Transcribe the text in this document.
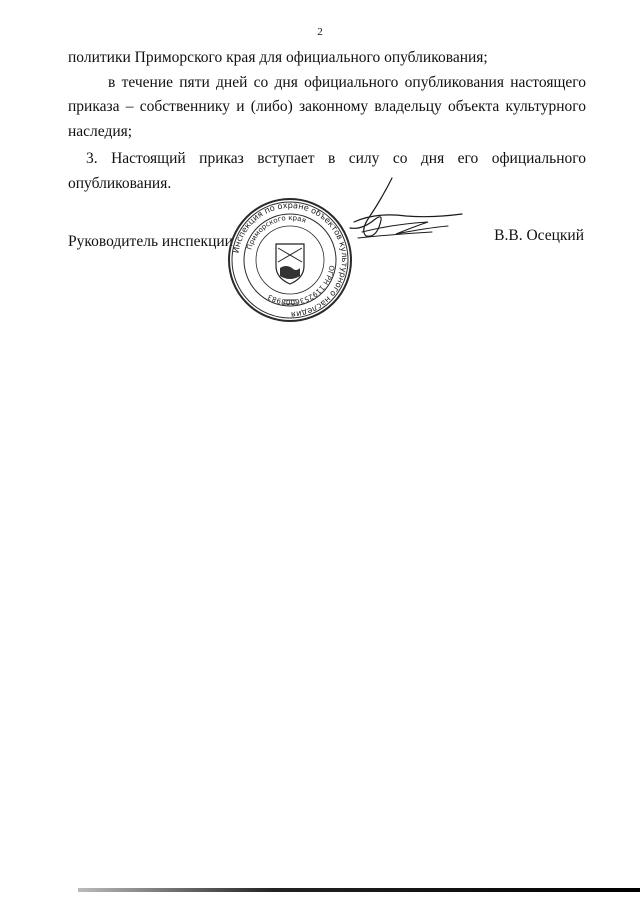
2

политики Приморского края для официального опубликования;

в течение пяти дней со дня официального опубликования настоящего

приказа – собственнику и (либо) законному владельцу объекта культурного

наследия;

3. Настоящий приказ вступает в силу со дня его официального

опубликования.

Руководитель инспекции	В.В. Осецкий
Инспекция по охране объектов культурного наследия
Приморского края
ОГРН 1192536008983
